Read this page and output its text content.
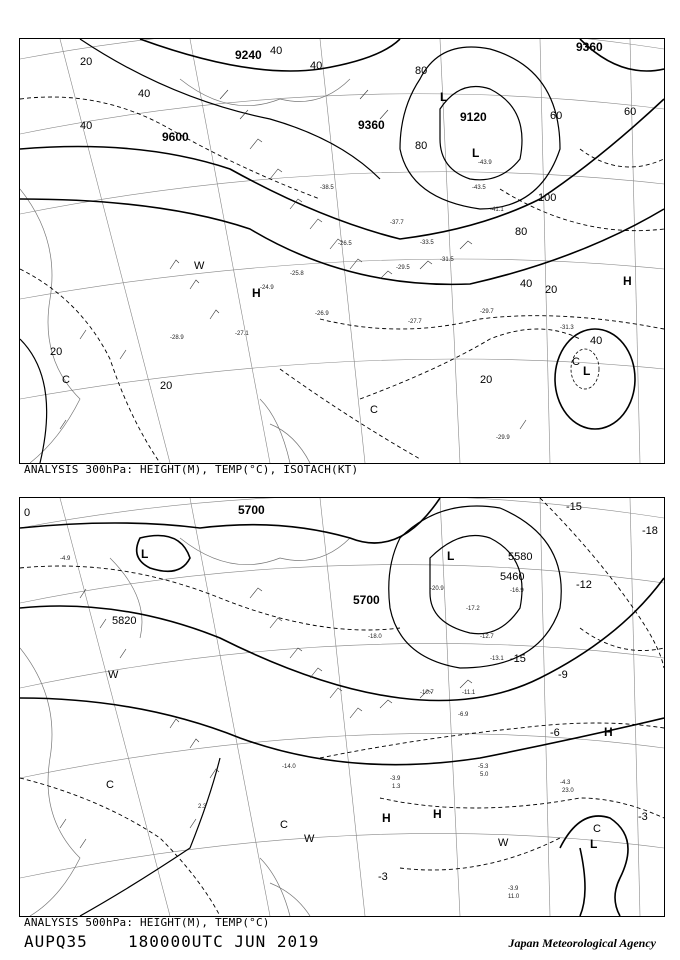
9240
9600
9360
9360
9120
20	40
60
40
80
100
40 20
20
20
40
80
80
40
60
20
40	L
L
H
H
L
W
C
C
C
-27.7
-29.7
-31.3
-29.9
-41.1
-43.5
-38.5
-26.9
-27.1
-24.9
-33.5
-37.7
-29.5
-31.5
-26.5
-28.9
-25.8
-43.9
ANALYSIS 300hPa: HEIGHT(M), TEMP(°C), ISOTACH(KT)
5700
5700
5820
5460
5580
0
-15
-18
-15
-12
-9
-6
-3
-3
L	L
L
H	H
H
W
W	W
C
C	C
-3.9
1.3
-5.3
5.0
-4.3
23.0
-3.9
11.0
-6.9
-11.1
-14.0
-13.1
-10.7
-12.7
-20.9
-17.2
-16.9
-18.0
2.3
-4.9
ANALYSIS 500hPa: HEIGHT(M), TEMP(°C)
AUPQ35	180000UTC JUN 2019	Japan Meteorological Agency
